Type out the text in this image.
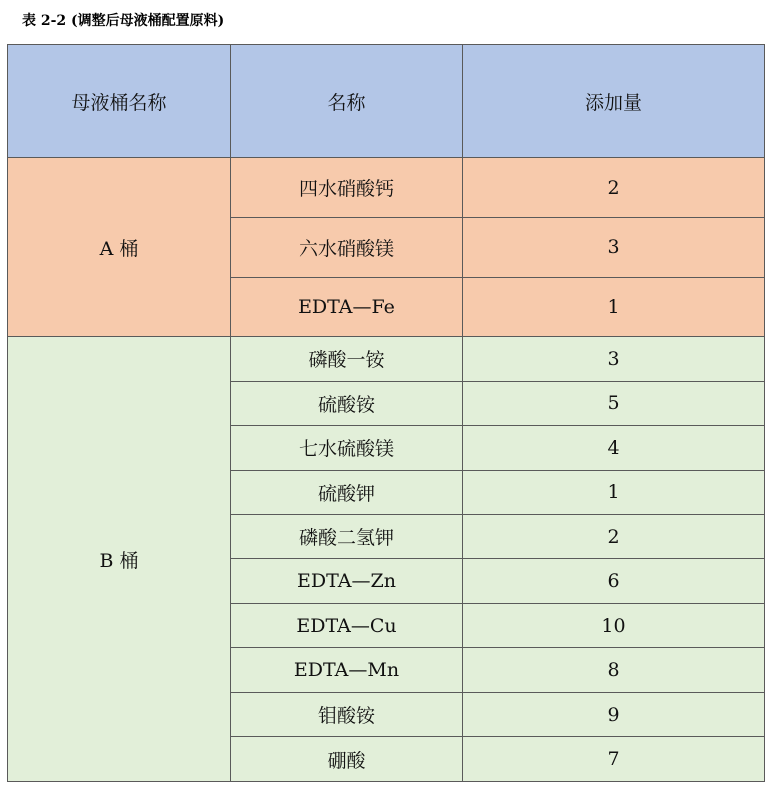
表 2-2 (调整后母液桶配置原料)
母液桶名称	名称	添加量
A 桶	四水硝酸钙	2
	六水硝酸镁	3
	EDTA—Fe	1
B 桶	磷酸一铵	3
	硫酸铵	5
	七水硫酸镁	4
	硫酸钾	1
	磷酸二氢钾	2
	EDTA—Zn	6
	EDTA—Cu	10
	EDTA—Mn	8
	钼酸铵	9
	硼酸	7
